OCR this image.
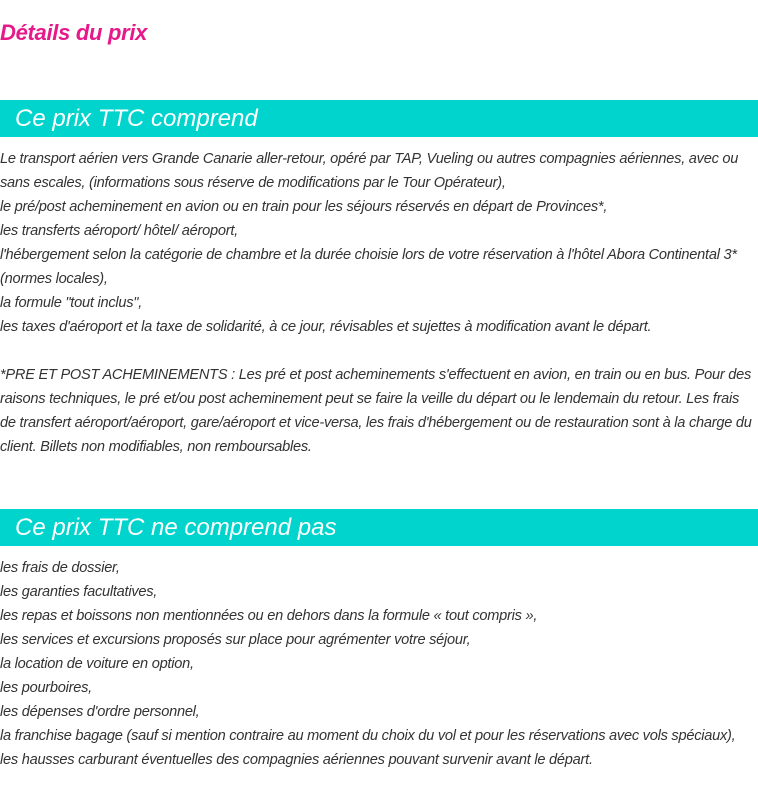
Détails du prix
Ce prix TTC comprend

Le transport aérien vers Grande Canarie aller-retour, opéré par TAP, Vueling ou autres compagnies aériennes, avec ou sans escales, (informations sous réserve de modifications par le Tour Opérateur),

le pré/post acheminement en avion ou en train pour les séjours réservés en départ de Provinces*,

les transferts aéroport/ hôtel/ aéroport,

l'hébergement selon la catégorie de chambre et la durée choisie lors de votre réservation à l'hôtel Abora Continental 3* (normes locales),

la formule "tout inclus",

les taxes d'aéroport et la taxe de solidarité, à ce jour, révisables et sujettes à modification avant le départ.

*PRE ET POST ACHEMINEMENTS : Les pré et post acheminements s'effectuent en avion, en train ou en bus. Pour des raisons techniques, le pré et/ou post acheminement peut se faire la veille du départ ou le lendemain du retour. Les frais de transfert aéroport/aéroport, gare/aéroport et vice-versa, les frais d'hébergement ou de restauration sont à la charge du client. Billets non modifiables, non remboursables.

Ce prix TTC ne comprend pas

les frais de dossier,

les garanties facultatives,

les repas et boissons non mentionnées ou en dehors dans la formule « tout compris »,

les services et excursions proposés sur place pour agrémenter votre séjour,

la location de voiture en option,

les pourboires,

les dépenses d'ordre personnel,

la franchise bagage (sauf si mention contraire au moment du choix du vol et pour les réservations avec vols spéciaux),

les hausses carburant éventuelles des compagnies aériennes pouvant survenir avant le départ.
